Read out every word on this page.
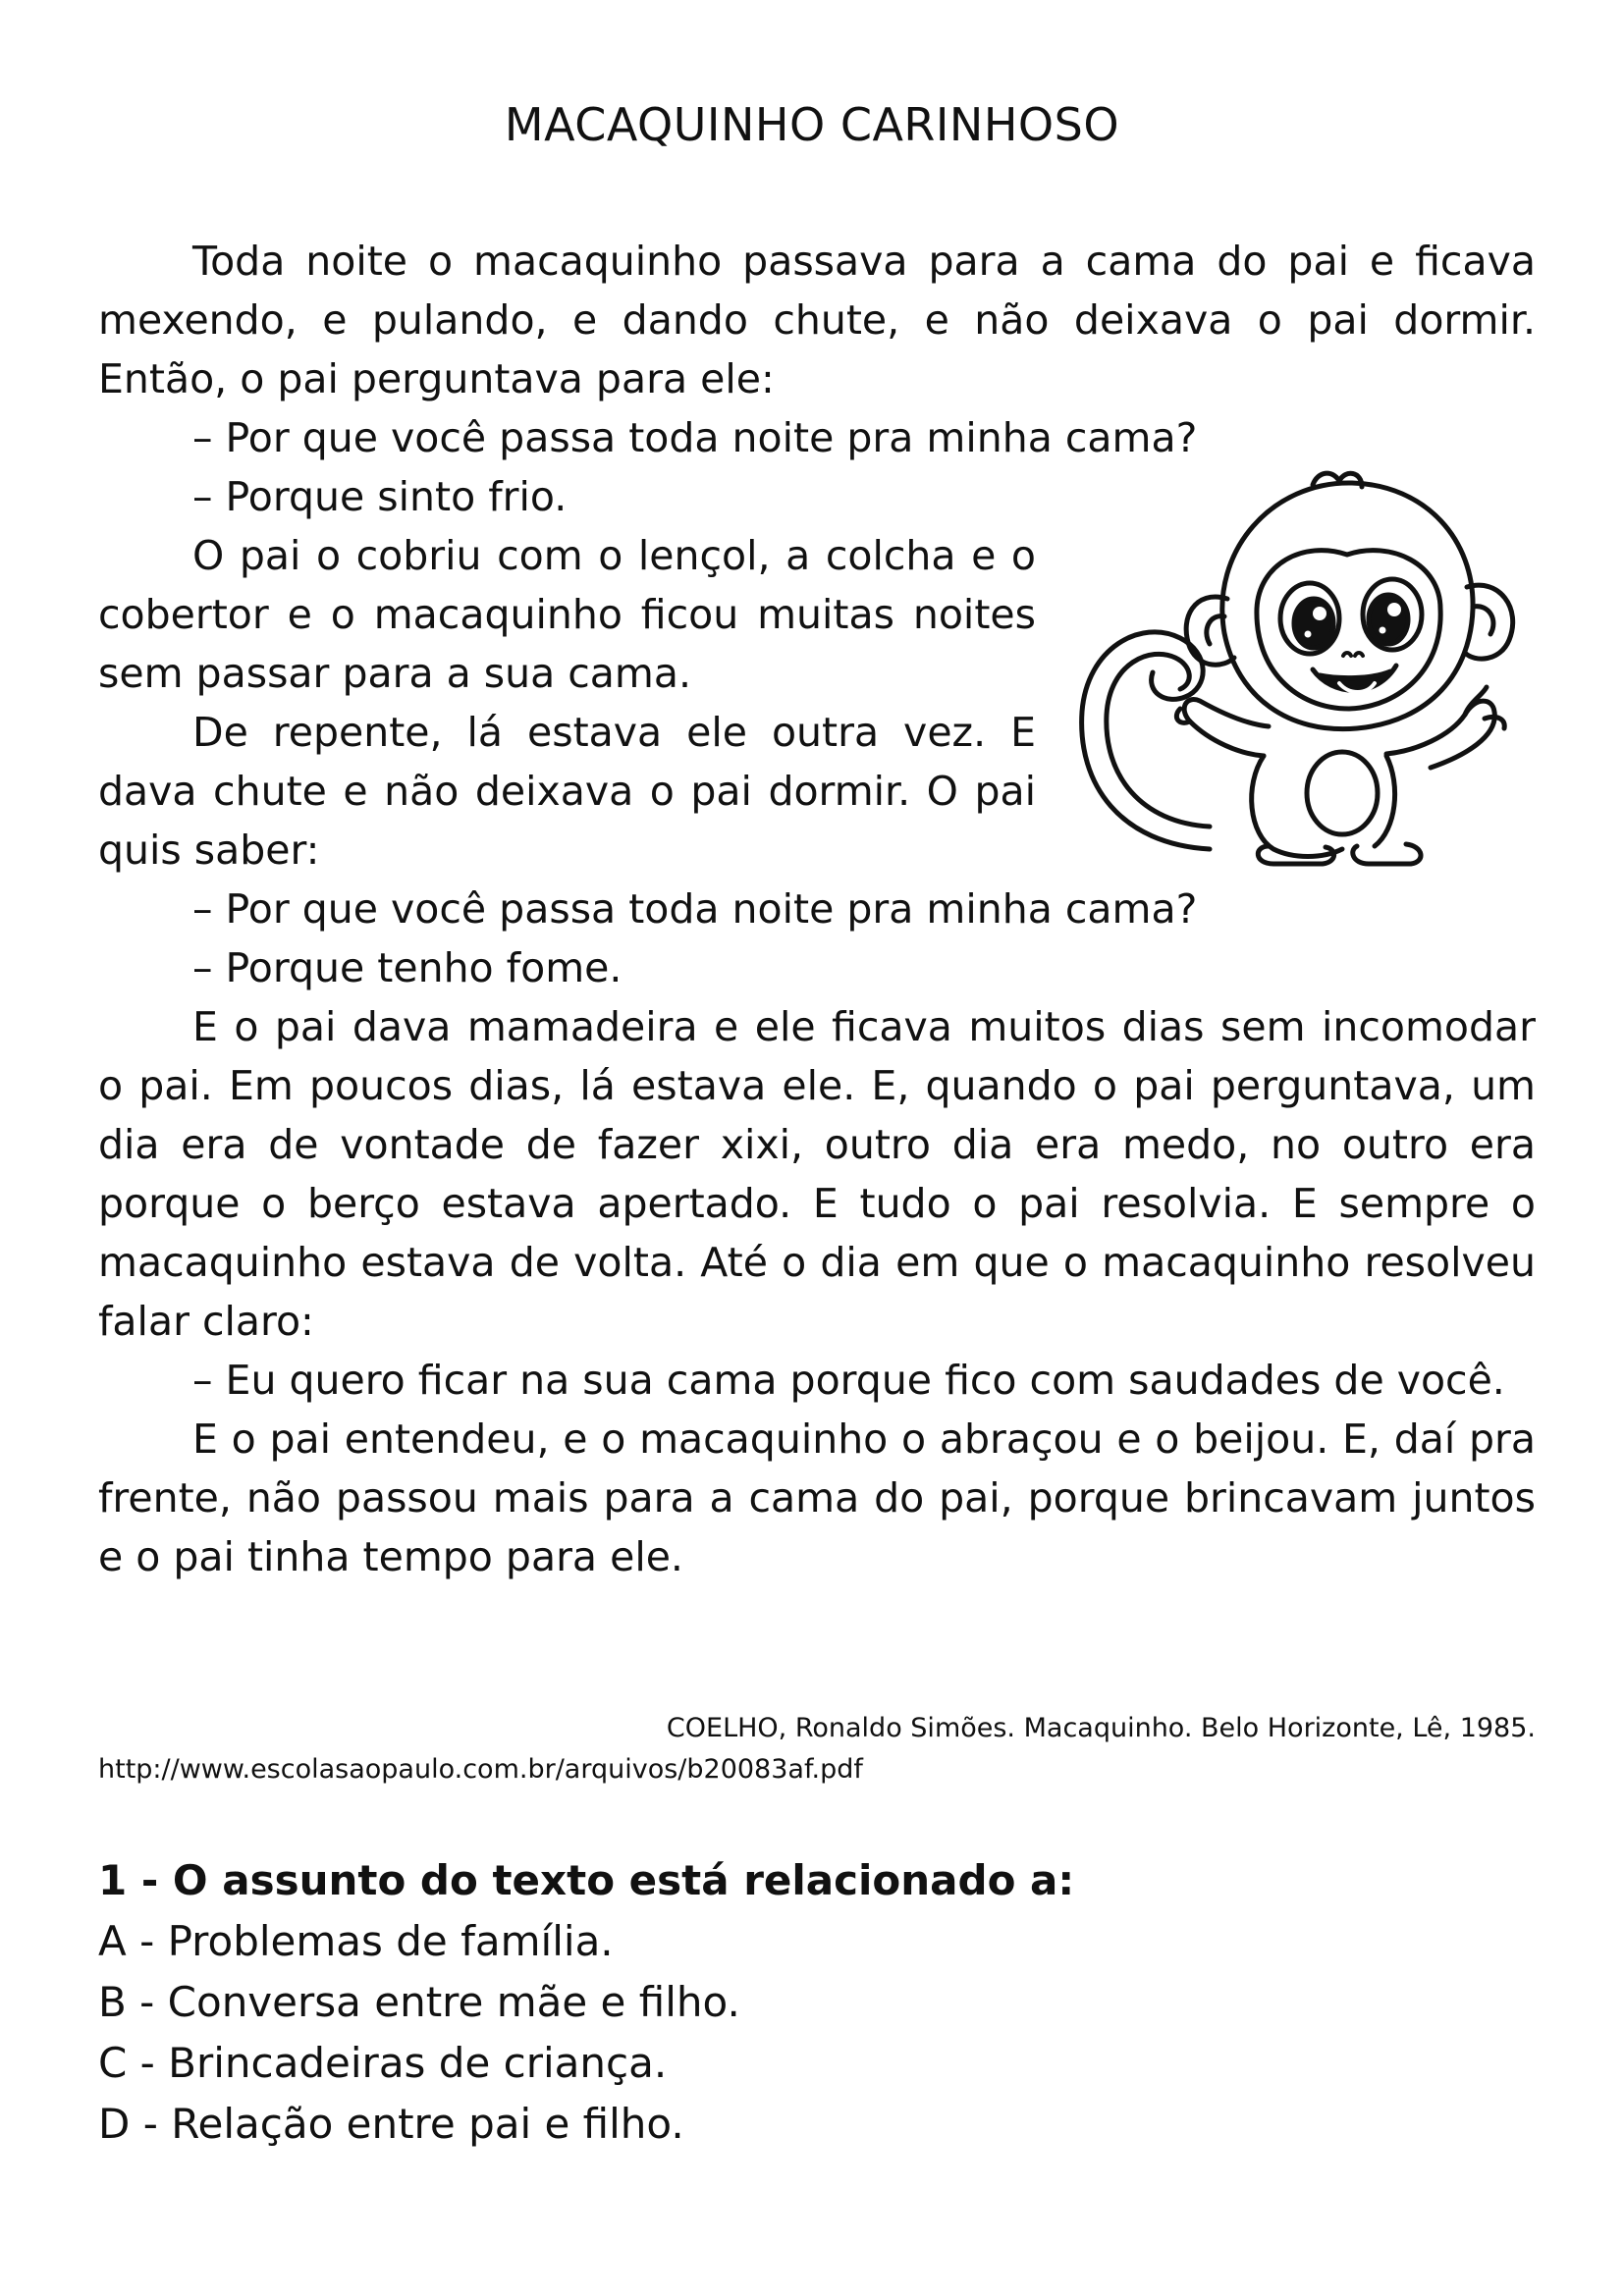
MACAQUINHO CARINHOSO

Toda noite o macaquinho passava para a cama do pai e ficava mexendo, e pulando, e dando chute, e não deixava o pai dormir. Então, o pai perguntava para ele:

– Por que você passa toda noite pra minha cama?

– Porque sinto frio.

O pai o cobriu com o lençol, a colcha e o cobertor e o macaquinho ficou muitas noites sem passar para a sua cama.

De repente, lá estava ele outra vez. E dava chute e não deixava o pai dormir. O pai quis saber:

– Por que você passa toda noite pra minha cama?

– Porque tenho fome.

E o pai dava mamadeira e ele ficava muitos dias sem incomodar o pai. Em poucos dias, lá estava ele. E, quando o pai perguntava, um dia era de vontade de fazer xixi, outro dia era medo, no outro era porque o berço estava apertado. E tudo o pai resolvia. E sempre o macaquinho estava de volta. Até o dia em que o macaquinho resolveu falar claro:

– Eu quero ficar na sua cama porque fico com saudades de você.

E o pai entendeu, e o macaquinho o abraçou e o beijou. E, daí pra frente, não passou mais para a cama do pai, porque brincavam juntos e o pai tinha tempo para ele.

COELHO, Ronaldo Simões. Macaquinho. Belo Horizonte, Lê, 1985.
http://www.escolasaopaulo.com.br/arquivos/b20083af.pdf

1 - O assunto do texto está relacionado a:

A - Problemas de família.

B - Conversa entre mãe e filho.

C - Brincadeiras de criança.

D - Relação entre pai e filho.
